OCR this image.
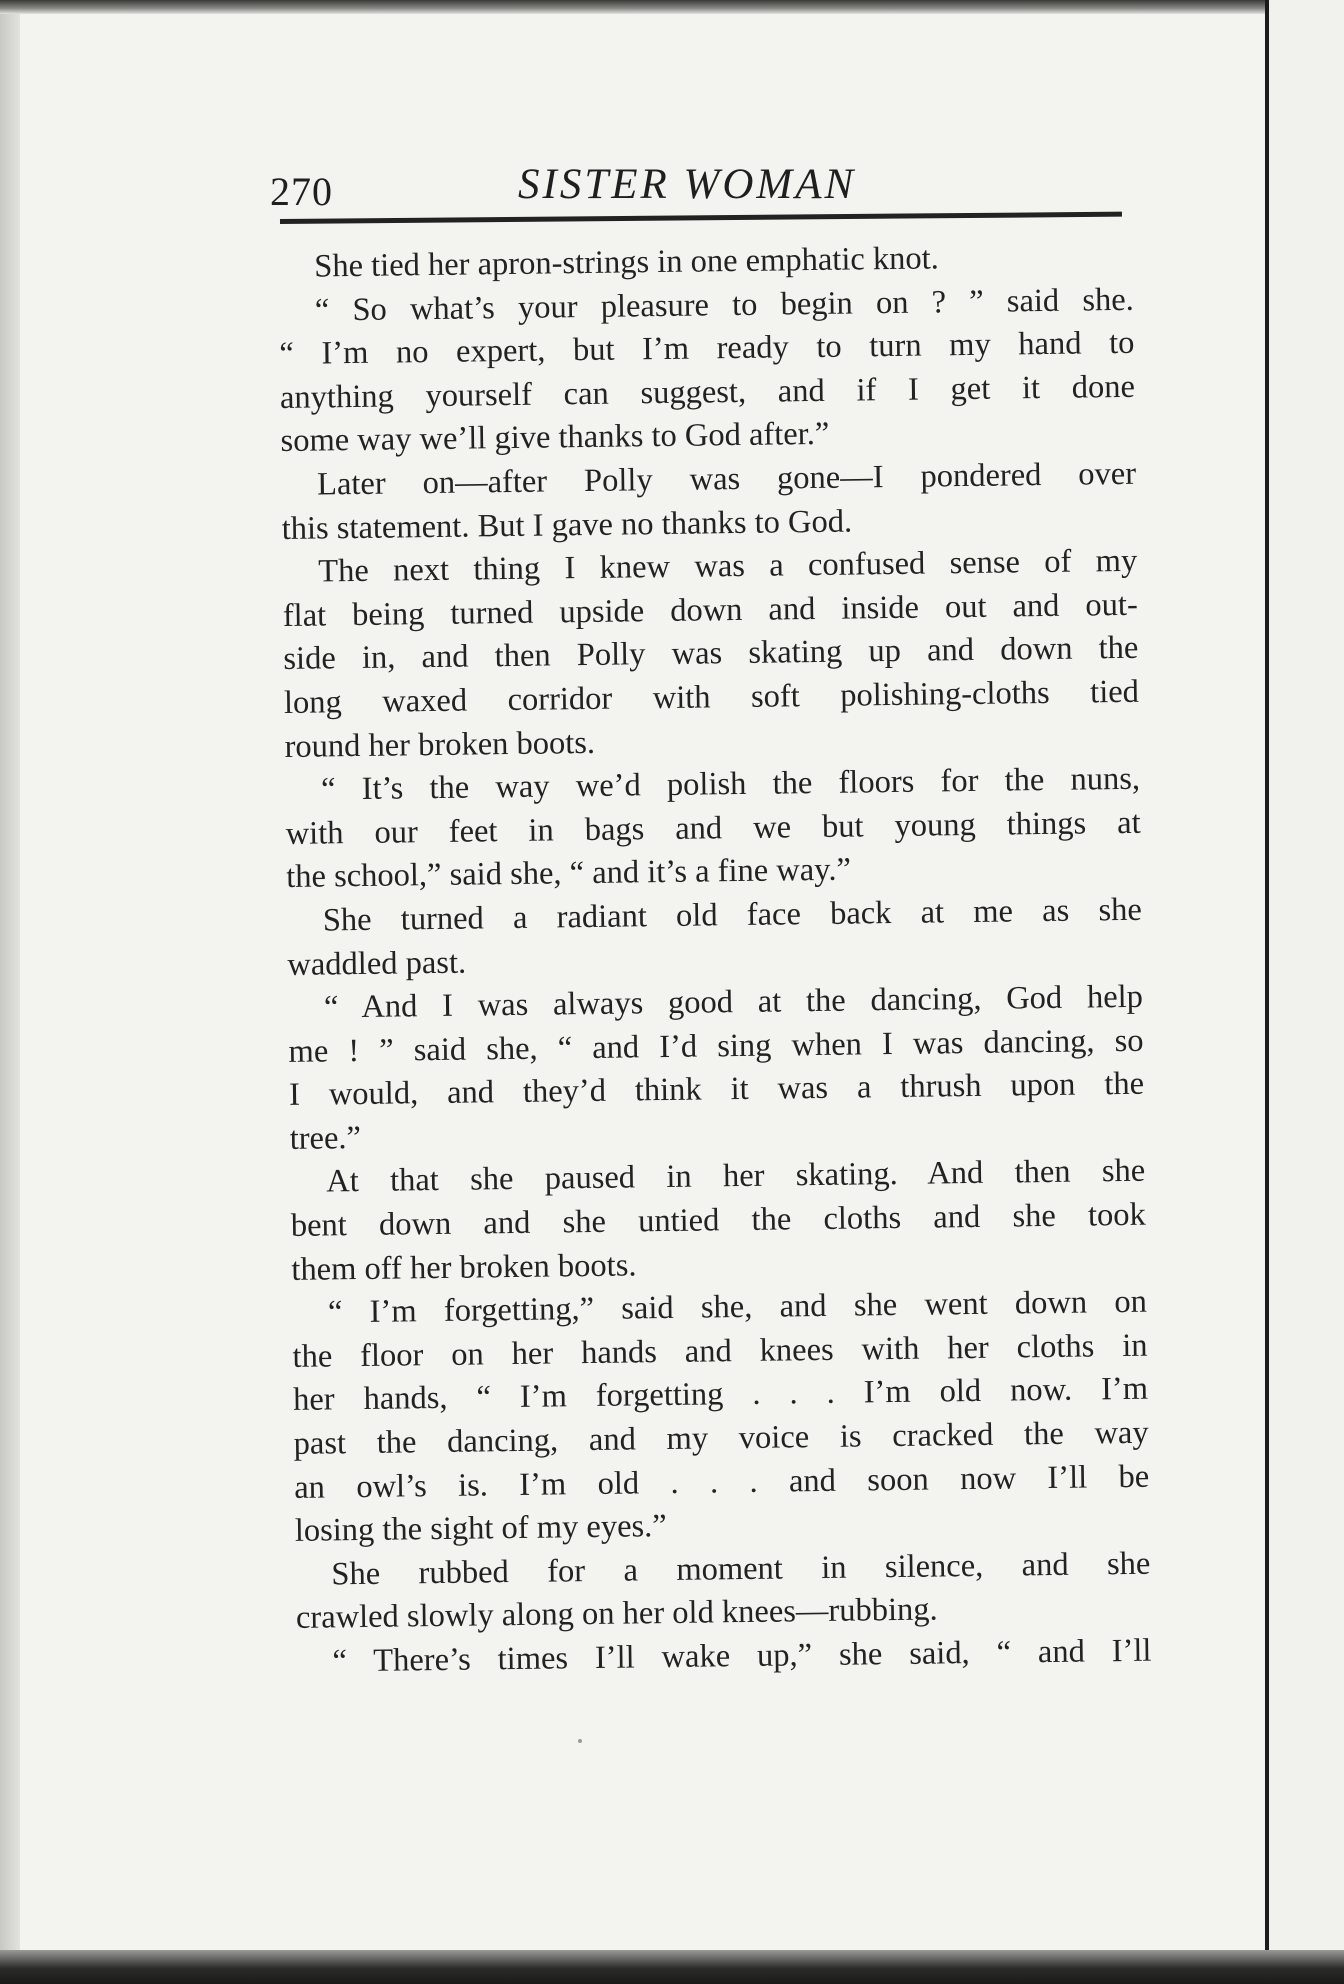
270	SISTER WOMAN
She tied her apron-strings in one emphatic knot.
“ So what’s your pleasure to begin on ? ” said she.
“ I’m no expert, but I’m ready to turn my hand to
anything yourself can suggest, and if I get it done
some way we’ll give thanks to God after.”
Later on—after Polly was gone—I pondered over
this statement. But I gave no thanks to God.
The next thing I knew was a confused sense of my
flat being turned upside down and inside out and out-
side in, and then Polly was skating up and down the
long waxed corridor with soft polishing-cloths tied
round her broken boots.
“ It’s the way we’d polish the floors for the nuns,
with our feet in bags and we but young things at
the school,” said she, “ and it’s a fine way.”
She turned a radiant old face back at me as she
waddled past.
“ And I was always good at the dancing, God help
me ! ” said she, “ and I’d sing when I was dancing, so
I would, and they’d think it was a thrush upon the
tree.”
At that she paused in her skating. And then she
bent down and she untied the cloths and she took
them off her broken boots.
“ I’m forgetting,” said she, and she went down on
the floor on her hands and knees with her cloths in
her hands, “ I’m forgetting . . . I’m old now. I’m
past the dancing, and my voice is cracked the way
an owl’s is. I’m old . . . and soon now I’ll be
losing the sight of my eyes.”
She rubbed for a moment in silence, and she
crawled slowly along on her old knees—rubbing.
“ There’s times I’ll wake up,” she said, “ and I’ll
